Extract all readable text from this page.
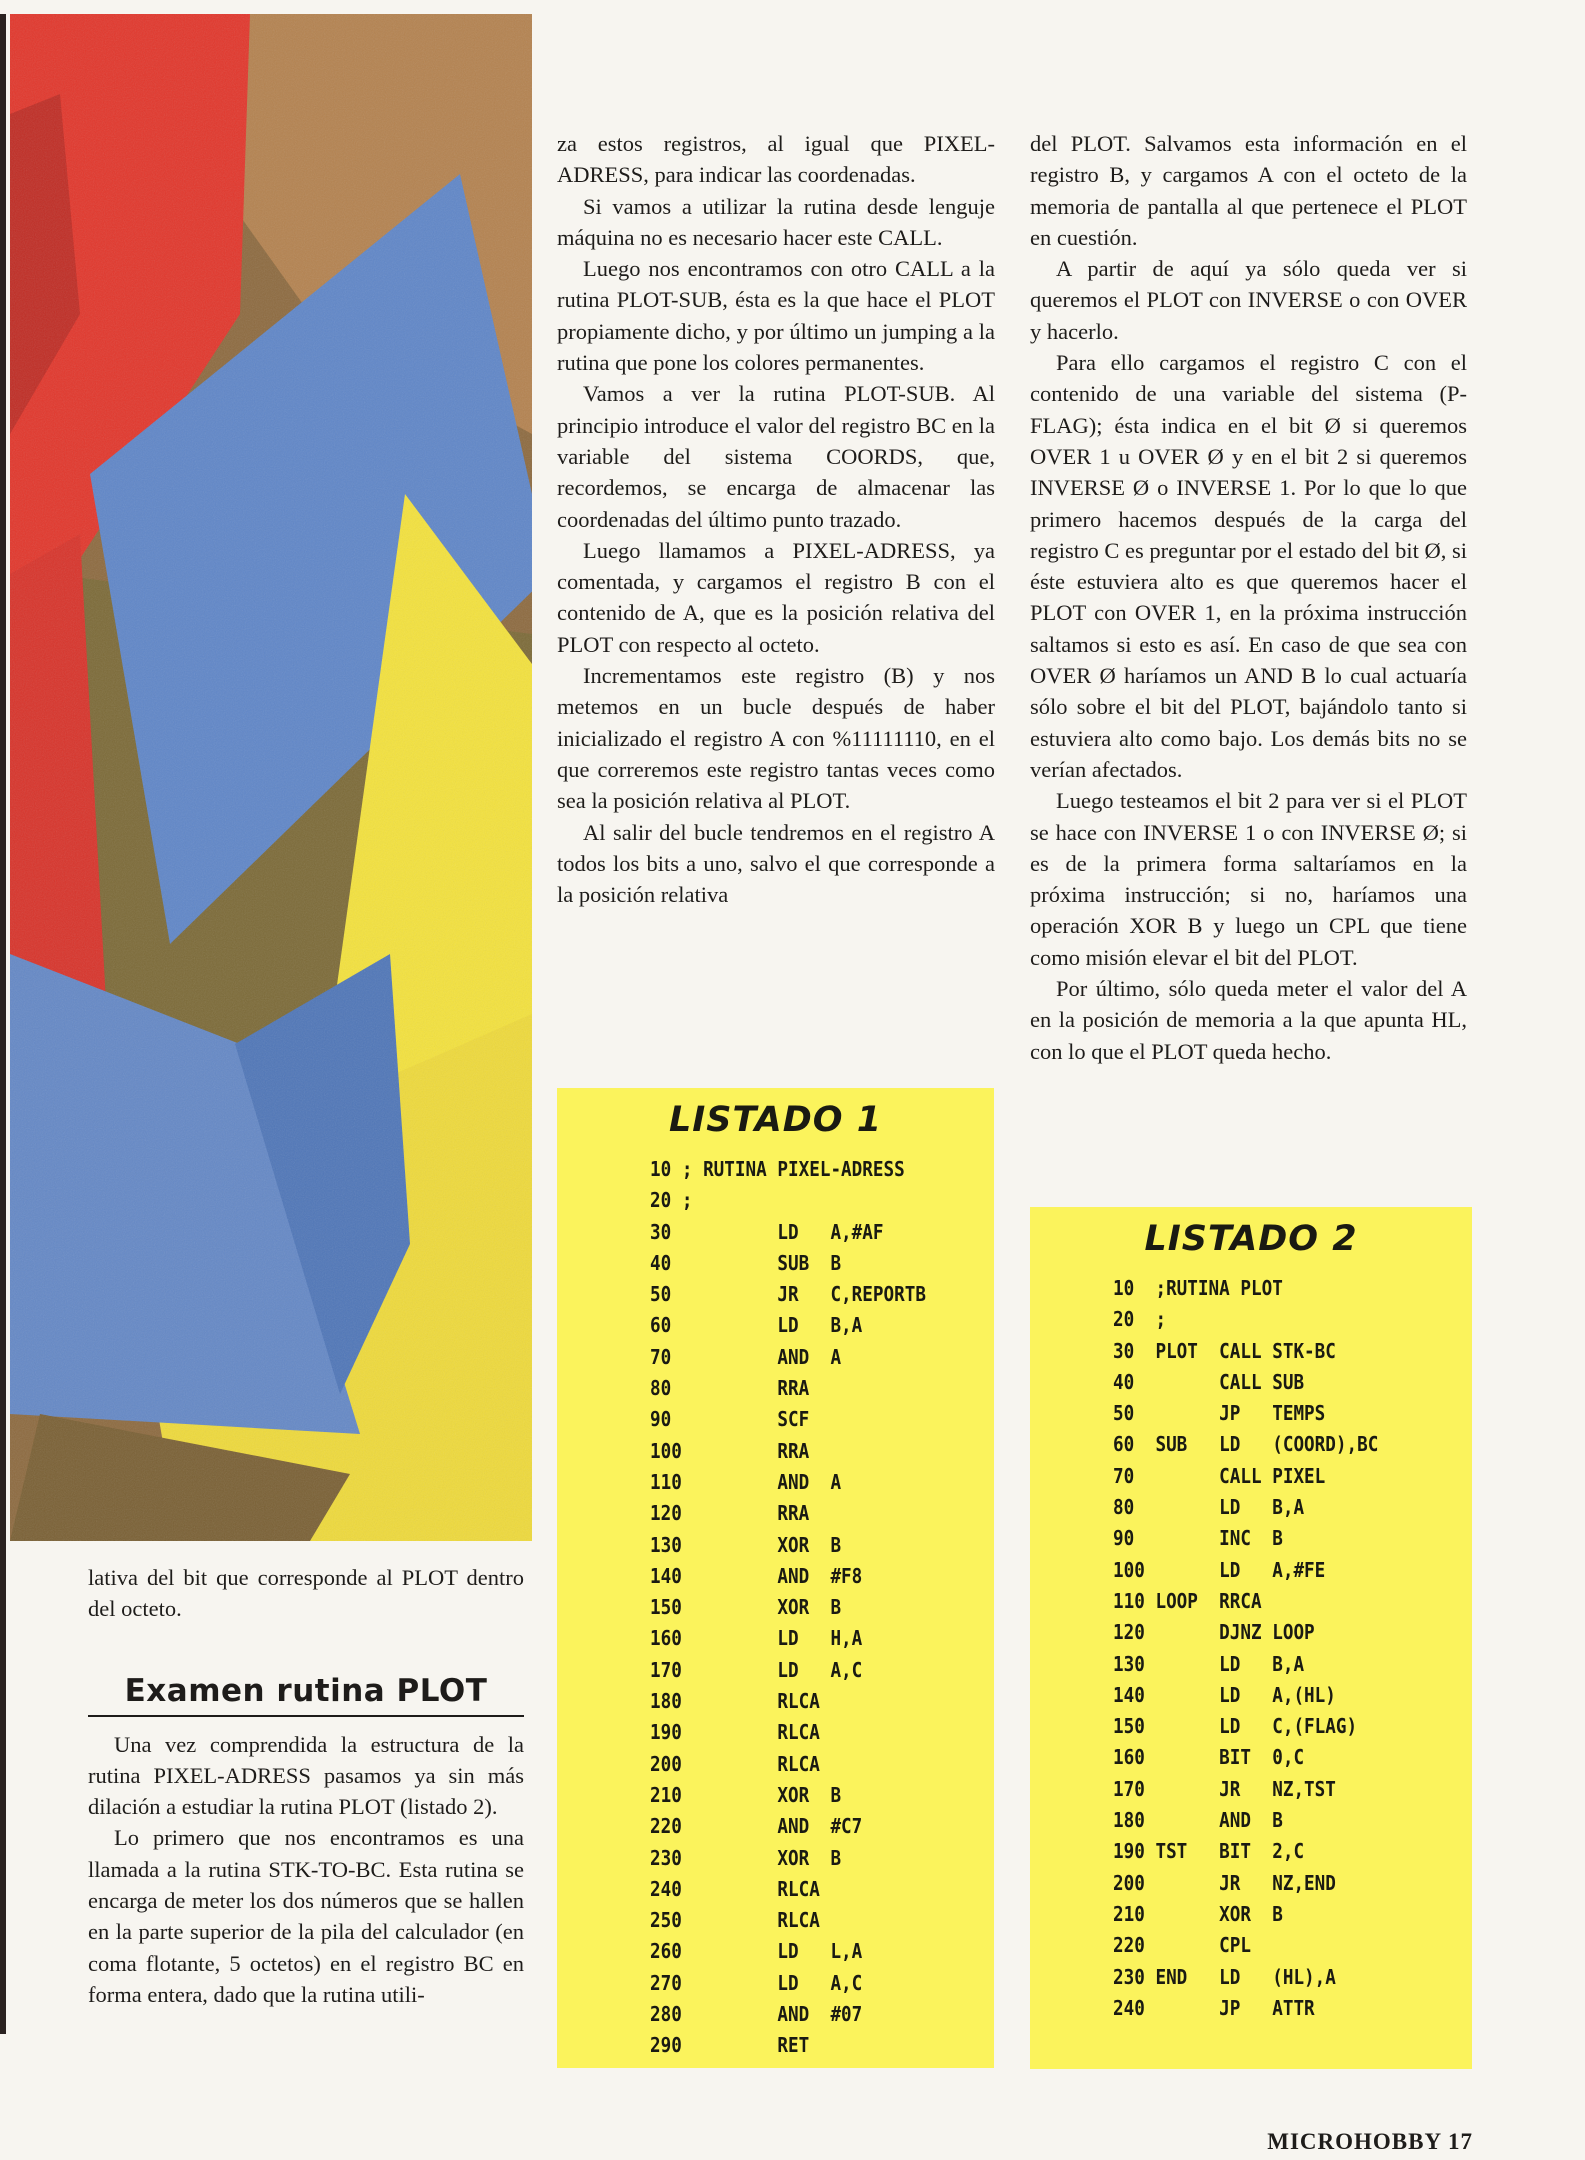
lativa del bit que corresponde al PLOT dentro del octeto.

Examen rutina PLOT

Una vez comprendida la estructura de la rutina PIXEL-ADRESS pasamos ya sin más dilación a estudiar la rutina PLOT (listado 2).

Lo primero que nos encontramos es una llamada a la rutina STK-TO-BC. Esta rutina se encarga de meter los dos números que se hallen en la parte superior de la pila del calculador (en coma flotante, 5 octetos) en el registro BC en forma entera, dado que la rutina utili-

za estos registros, al igual que PIXEL-ADRESS, para indicar las coordenadas.

Si vamos a utilizar la rutina desde lenguje máquina no es necesario hacer este CALL.

Luego nos encontramos con otro CALL a la rutina PLOT-SUB, ésta es la que hace el PLOT propiamente dicho, y por último un jumping a la rutina que pone los colores permanentes.

Vamos a ver la rutina PLOT-SUB. Al principio introduce el valor del registro BC en la variable del sistema COORDS, que, recordemos, se encarga de almacenar las coordenadas del último punto trazado.

Luego llamamos a PIXEL-ADRESS, ya comentada, y cargamos el registro B con el contenido de A, que es la posición relativa del PLOT con respecto al octeto.

Incrementamos este registro (B) y nos metemos en un bucle después de haber inicializado el registro A con %11111110, en el que correremos este registro tantas veces como sea la posición relativa al PLOT.

Al salir del bucle tendremos en el registro A todos los bits a uno, salvo el que corresponde a la posición relativa

del PLOT. Salvamos esta información en el registro B, y cargamos A con el octeto de la memoria de pantalla al que pertenece el PLOT en cuestión.

A partir de aquí ya sólo queda ver si queremos el PLOT con INVERSE o con OVER y hacerlo.

Para ello cargamos el registro C con el contenido de una variable del sistema (P-FLAG); ésta indica en el bit Ø si queremos OVER 1 u OVER Ø y en el bit 2 si queremos INVERSE Ø o INVERSE 1. Por lo que lo que primero hacemos después de la carga del registro C es preguntar por el estado del bit Ø, si éste estuviera alto es que queremos hacer el PLOT con OVER 1, en la próxima instrucción saltamos si esto es así. En caso de que sea con OVER Ø haríamos un AND B lo cual actuaría sólo sobre el bit del PLOT, bajándolo tanto si estuviera alto como bajo. Los demás bits no se verían afectados.

Luego testeamos el bit 2 para ver si el PLOT se hace con INVERSE 1 o con INVERSE Ø; si es de la primera forma saltaríamos en la próxima instrucción; si no, haríamos una operación XOR B y luego un CPL que tiene como misión elevar el bit del PLOT.

Por último, sólo queda meter el valor del A en la posición de memoria a la que apunta HL, con lo que el PLOT queda hecho.

LISTADO 1
10 ; RUTINA PIXEL-ADRESS
20 ;
30          LD   A,#AF
40          SUB  B
50          JR   C,REPORTB
60          LD   B,A
70          AND  A
80          RRA
90          SCF
100         RRA
110         AND  A
120         RRA
130         XOR  B
140         AND  #F8
150         XOR  B
160         LD   H,A
170         LD   A,C
180         RLCA
190         RLCA
200         RLCA
210         XOR  B
220         AND  #C7
230         XOR  B
240         RLCA
250         RLCA
260         LD   L,A
270         LD   A,C
280         AND  #07
290         RET
LISTADO 2
10  ;RUTINA PLOT
20  ;
30  PLOT  CALL STK-BC
40        CALL SUB
50        JP   TEMPS
60  SUB   LD   (COORD),BC
70        CALL PIXEL
80        LD   B,A
90        INC  B
100       LD   A,#FE
110 LOOP  RRCA
120       DJNZ LOOP
130       LD   B,A
140       LD   A,(HL)
150       LD   C,(FLAG)
160       BIT  0,C
170       JR   NZ,TST
180       AND  B
190 TST   BIT  2,C
200       JR   NZ,END
210       XOR  B
220       CPL
230 END   LD   (HL),A
240       JP   ATTR
MICROHOBBY 17
